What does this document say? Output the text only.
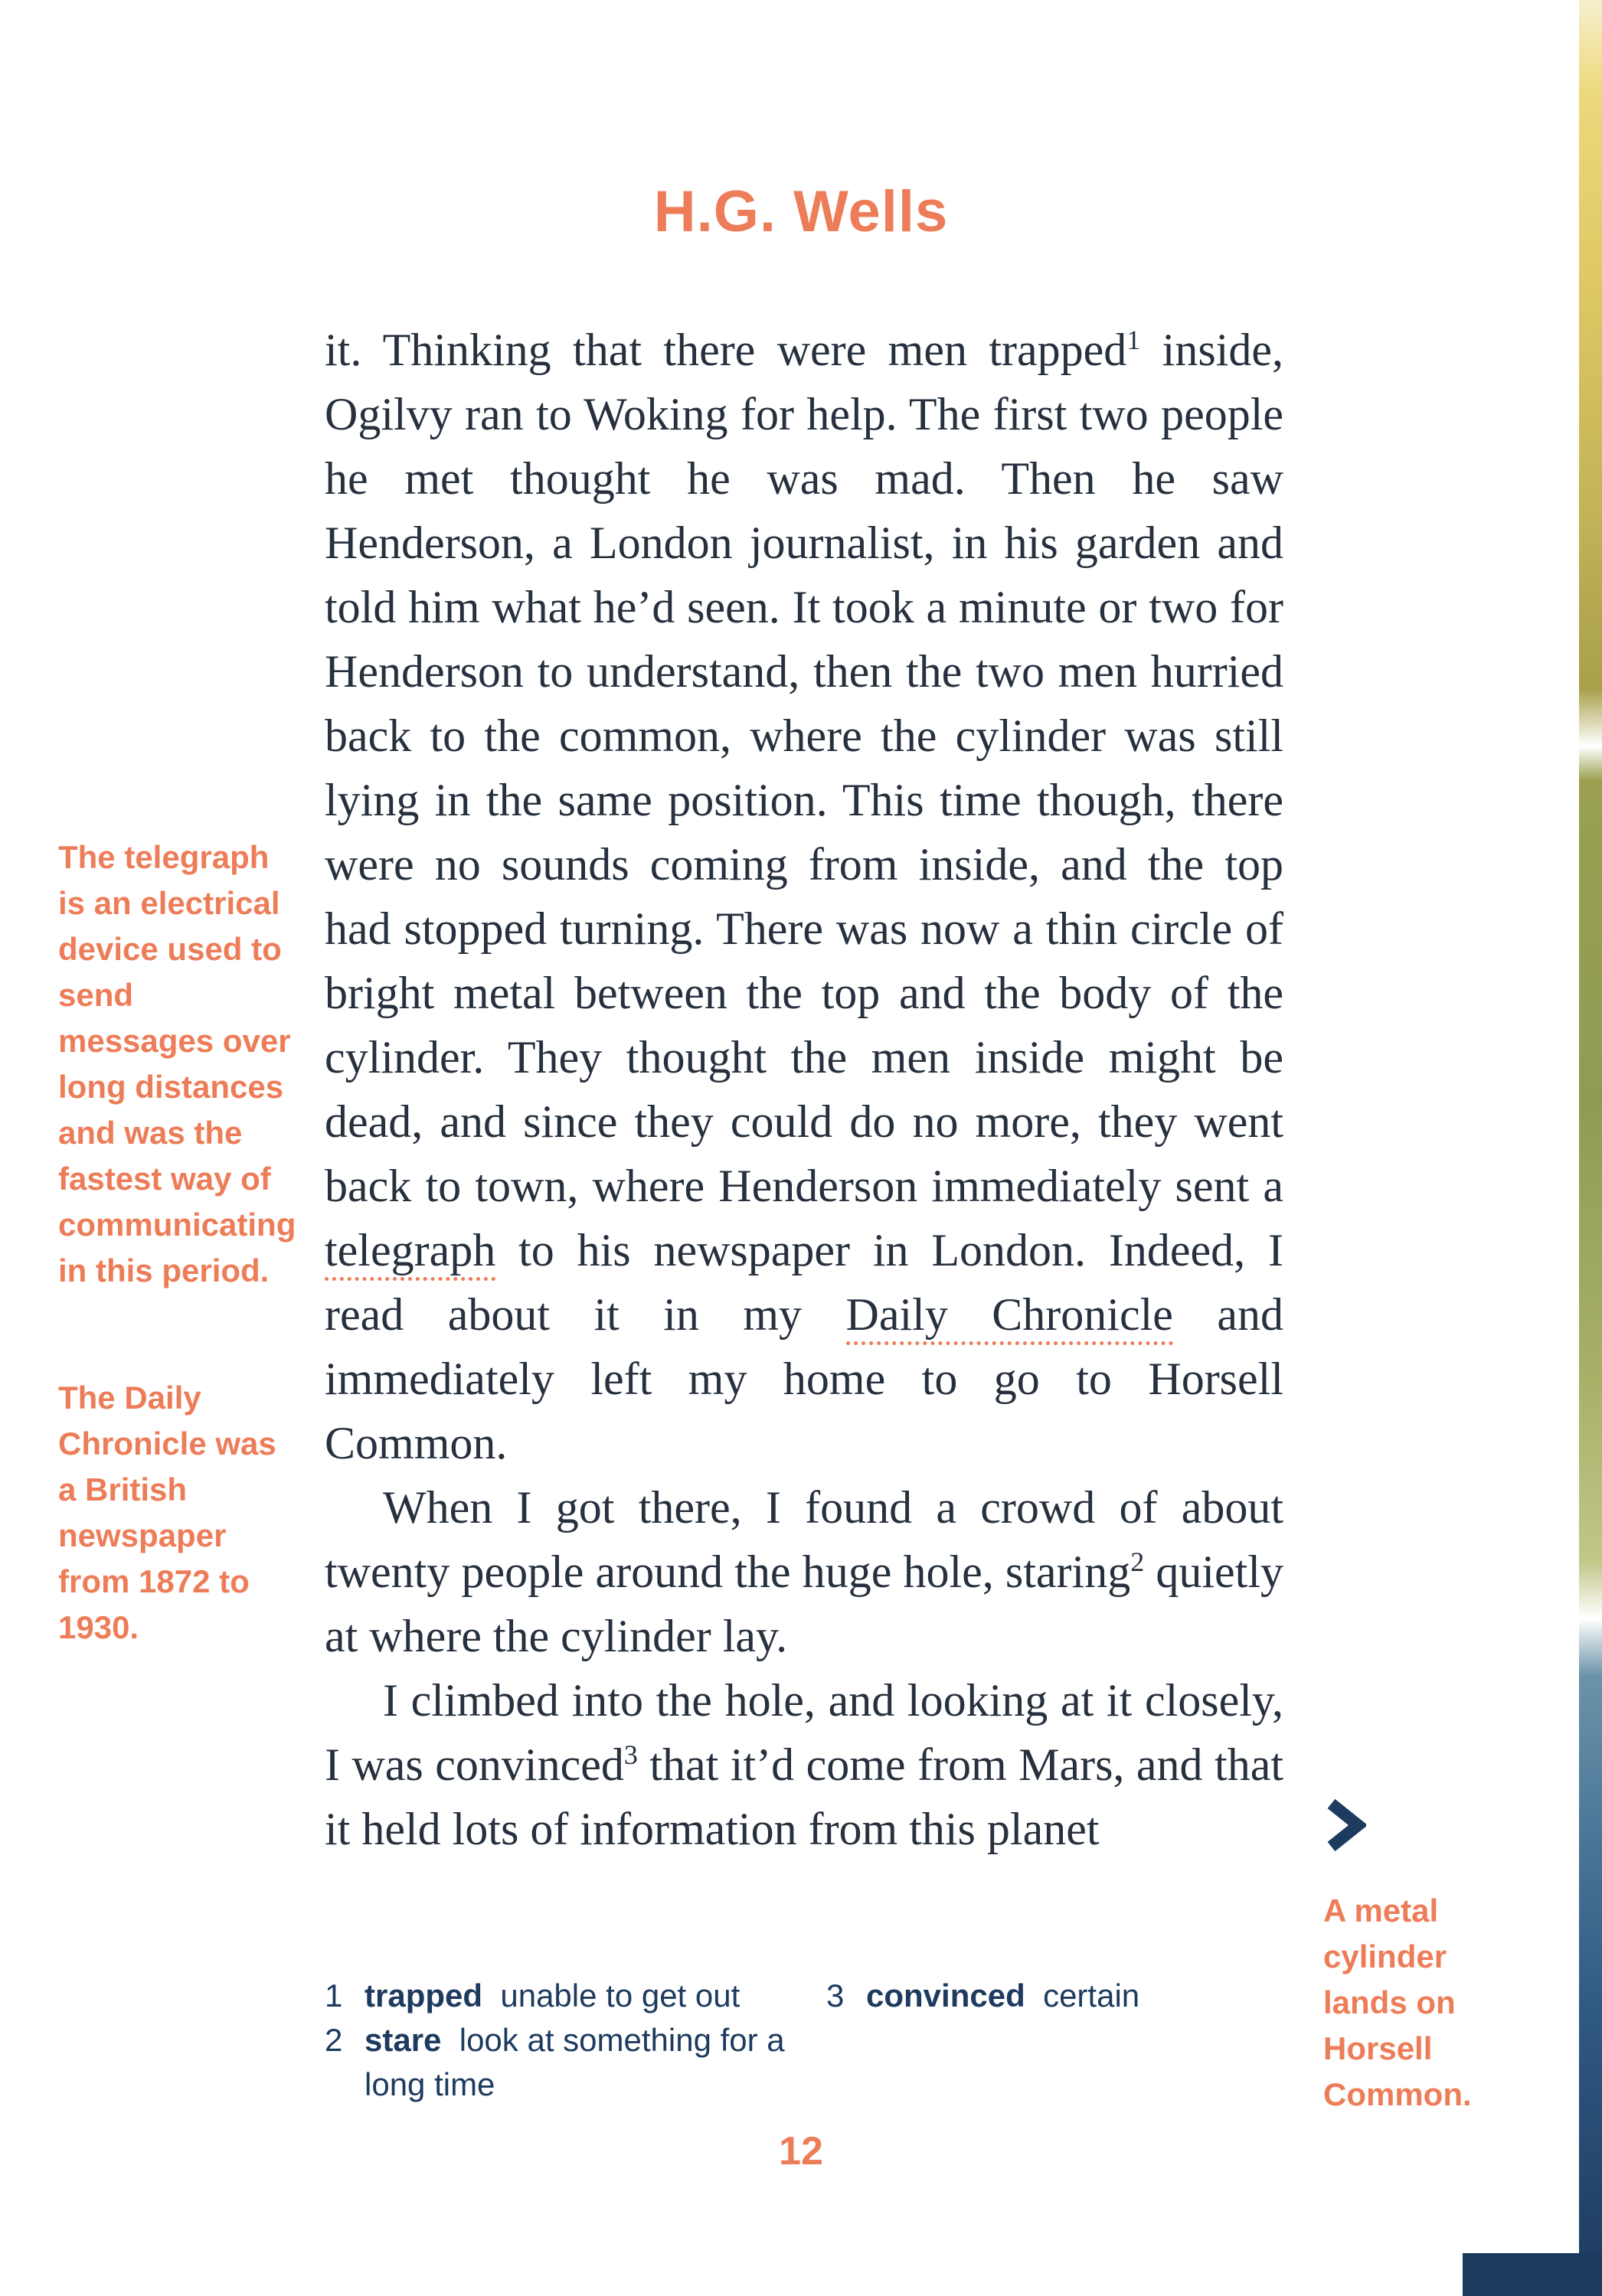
H.G. Wells
The telegraph is an electrical device used to send messages over long distances and was the fastest way of communicating in this period.
The Daily Chronicle was a British newspaper from 1872 to 1930.

it. Thinking that there were men trapped$^1$ inside, Ogilvy ran to Woking for help. The first two people he met thought he was mad. Then he saw Henderson, a London journalist, in his garden and told him what he’d seen. It took a minute or two for Henderson to understand, then the two men hurried back to the common, where the cylinder was still lying in the same position. This time though, there were no sounds coming from inside, and the top had stopped turning. There was now a thin circle of bright metal between the top and the body of the cylinder. They thought the men inside might be dead, and since they could do no more, they went back to town, where Henderson immediately sent a telegraph to his newspaper in London. Indeed, I read about it in my Daily Chronicle and immediately left my home to go to Horsell Common.

When I got there, I found a crowd of about twenty people around the huge hole, staring$^2$ quietly at where the cylinder lay.

I climbed into the hole, and looking at it closely, I was convinced$^3$ that it’d come from Mars, and that it held lots of information from this planet

A metal cylinder lands on Horsell Common.
1 trapped  unable to get out
2 stare  look at something for a long time
3 convinced  certain
12
